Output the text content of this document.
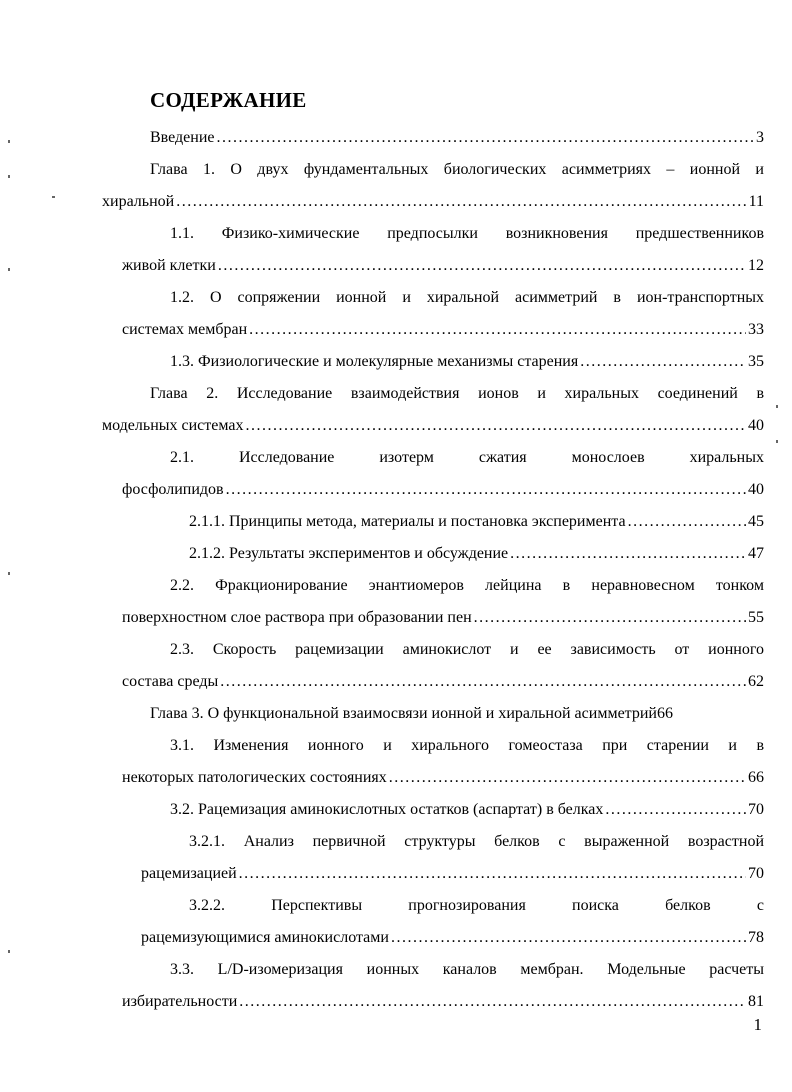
СОДЕРЖАНИЕ
Введение .....	3
Глава 1. О двух фундаментальных биологических асимметриях – ионной и
хиральной .....	11
1.1. Физико-химические предпосылки возникновения предшественников
живой клетки .....	12
1.2. О сопряжении ионной и хиральной асимметрий в ион-транспортных
системах мембран .....	33
1.3. Физиологические и молекулярные механизмы старения .....	35
Глава 2. Исследование взаимодействия ионов и хиральных соединений в
модельных системах .....	40
2.1. Исследование изотерм сжатия монослоев хиральных
фосфолипидов .....	40
2.1.1. Принципы метода, материалы и постановка эксперимента .....	45
2.1.2. Результаты экспериментов и обсуждение .....	47
2.2. Фракционирование энантиомеров лейцина в неравновесном тонком
поверхностном слое раствора при образовании пен .....	55
2.3. Скорость рацемизации аминокислот и ее зависимость от ионного
состава среды .....	62
Глава 3. О функциональной взаимосвязи ионной и хиральной асимметрий66
3.1. Изменения ионного и хирального гомеостаза при старении и в
некоторых патологических состояниях .....	66
3.2. Рацемизация аминокислотных остатков (аспартат) в белках .....	70
3.2.1. Анализ первичной структуры белков с выраженной возрастной
рацемизацией .....	70
3.2.2. Перспективы прогнозирования поиска белков с
рацемизующимися аминокислотами .....	78
3.3. L/D-изомеризация ионных каналов мембран. Модельные расчеты
избирательности .....	81
1
